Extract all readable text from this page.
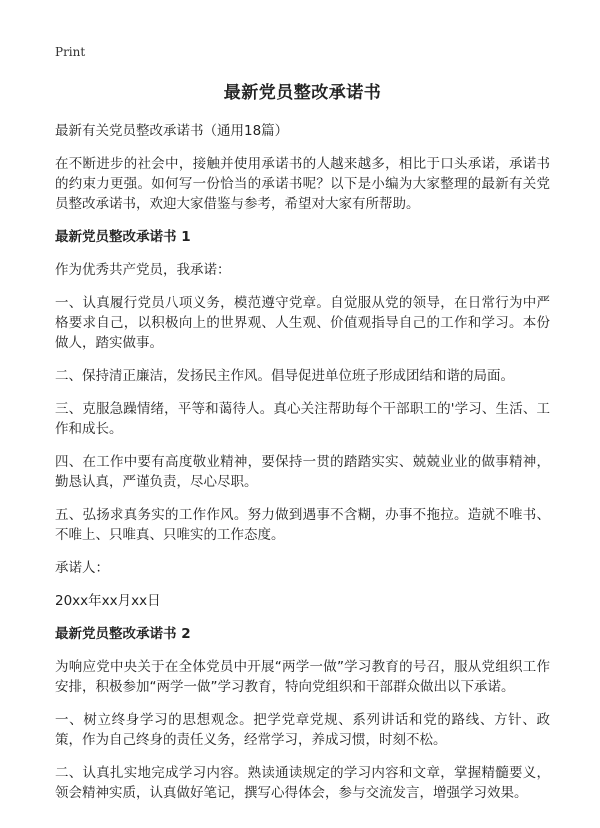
Print
最新党员整改承诺书
最新有关党员整改承诺书（通用18篇）
在不断进步的社会中，接触并使用承诺书的人越来越多，相比于口头承诺，承诺书的约束力更强。如何写一份恰当的承诺书呢？以下是小编为大家整理的最新有关党员整改承诺书，欢迎大家借鉴与参考，希望对大家有所帮助。
最新党员整改承诺书 1
作为优秀共产党员，我承诺：
一、认真履行党员八项义务，模范遵守党章。自觉服从党的领导，在日常行为中严格要求自己，以积极向上的世界观、人生观、价值观指导自己的工作和学习。本份做人，踏实做事。
二、保持清正廉洁，发扬民主作风。倡导促进单位班子形成团结和谐的局面。
三、克服急躁情绪，平等和蔼待人。真心关注帮助每个干部职工的'学习、生活、工作和成长。
四、在工作中要有高度敬业精神，要保持一贯的踏踏实实、兢兢业业的做事精神，勤恳认真，严谨负责，尽心尽职。
五、弘扬求真务实的工作作风。努力做到遇事不含糊，办事不拖拉。造就不唯书、不唯上、只唯真、只唯实的工作态度。
承诺人：
20xx年xx月xx日
最新党员整改承诺书 2
为响应党中央关于在全体党员中开展“两学一做”学习教育的号召，服从党组织工作安排，积极参加“两学一做”学习教育，特向党组织和干部群众做出以下承诺。
一、树立终身学习的思想观念。把学党章党规、系列讲话和党的路线、方针、政策，作为自己终身的责任义务，经常学习，养成习惯，时刻不松。
二、认真扎实地完成学习内容。熟读通读规定的学习内容和文章，掌握精髓要义，领会精神实质，认真做好笔记，撰写心得体会，参与交流发言，增强学习效果。
